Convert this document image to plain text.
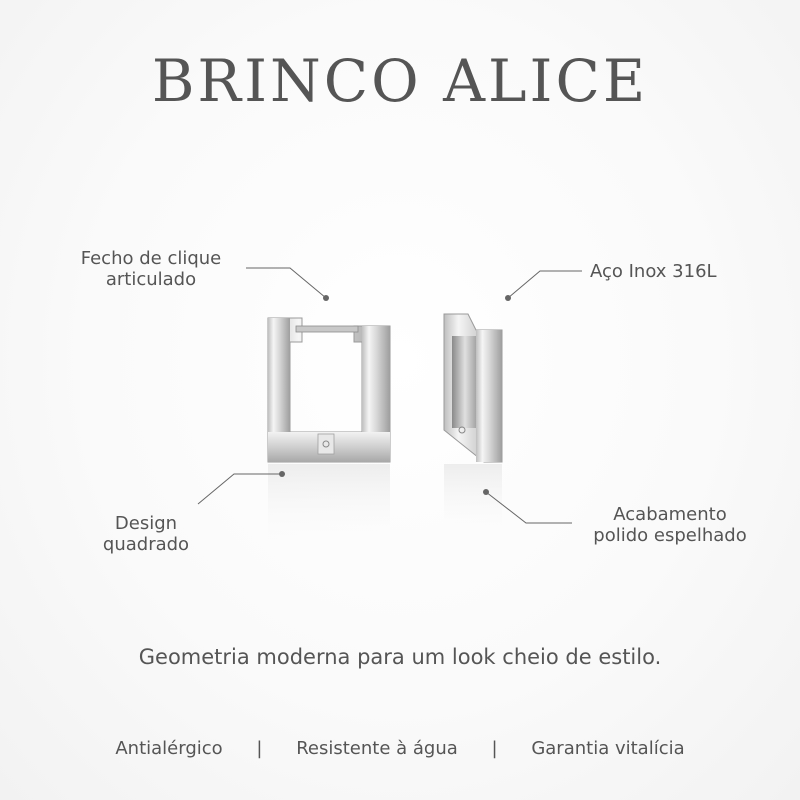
BRINCO ALICE
Fecho de clique
articulado	Aço Inox 316L
Design
quadrado
Acabamento
polido espelhado
Geometria moderna para um look cheio de estilo.
Antialérgico | Resistente à água | Garantia vitalícia
